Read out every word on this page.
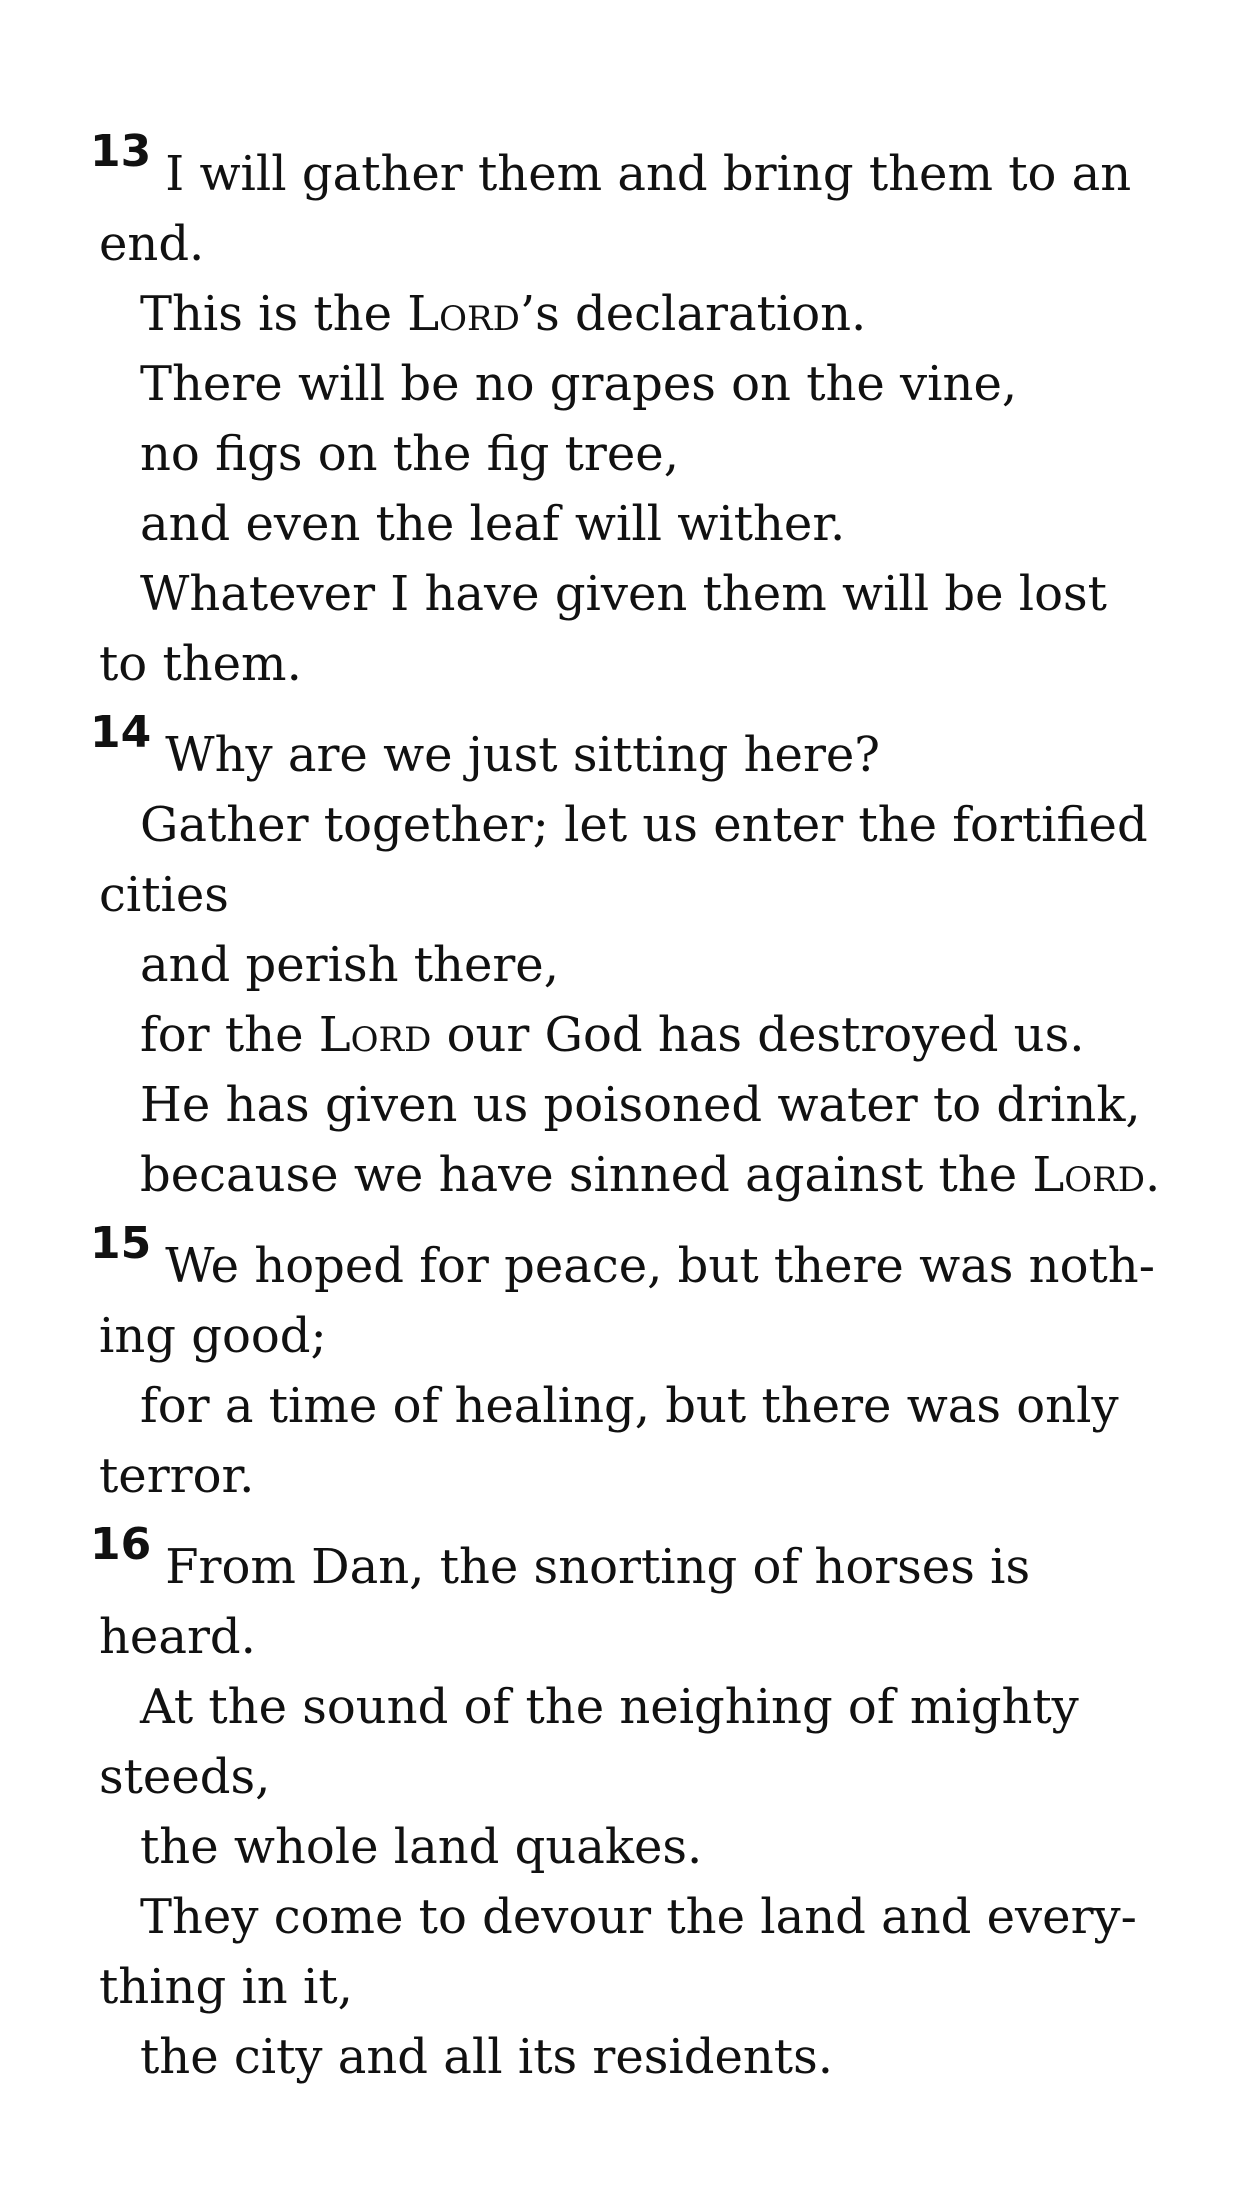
13 I will gather them and bring them to an
end.
This is the Lord’s declaration.
There will be no grapes on the vine,
no figs on the fig tree,
and even the leaf will wither.
Whatever I have given them will be lost
to them.
14 Why are we just sitting here?
Gather together; let us enter the fortified
cities
and perish there,
for the Lord our God has destroyed us.
He has given us poisoned water to drink,
because we have sinned against the Lord.
15 We hoped for peace, but there was noth-
ing good;
for a time of healing, but there was only
terror.
16 From Dan, the snorting of horses is
heard.
At the sound of the neighing of mighty
steeds,
the whole land quakes.
They come to devour the land and every-
thing in it,
the city and all its residents.
